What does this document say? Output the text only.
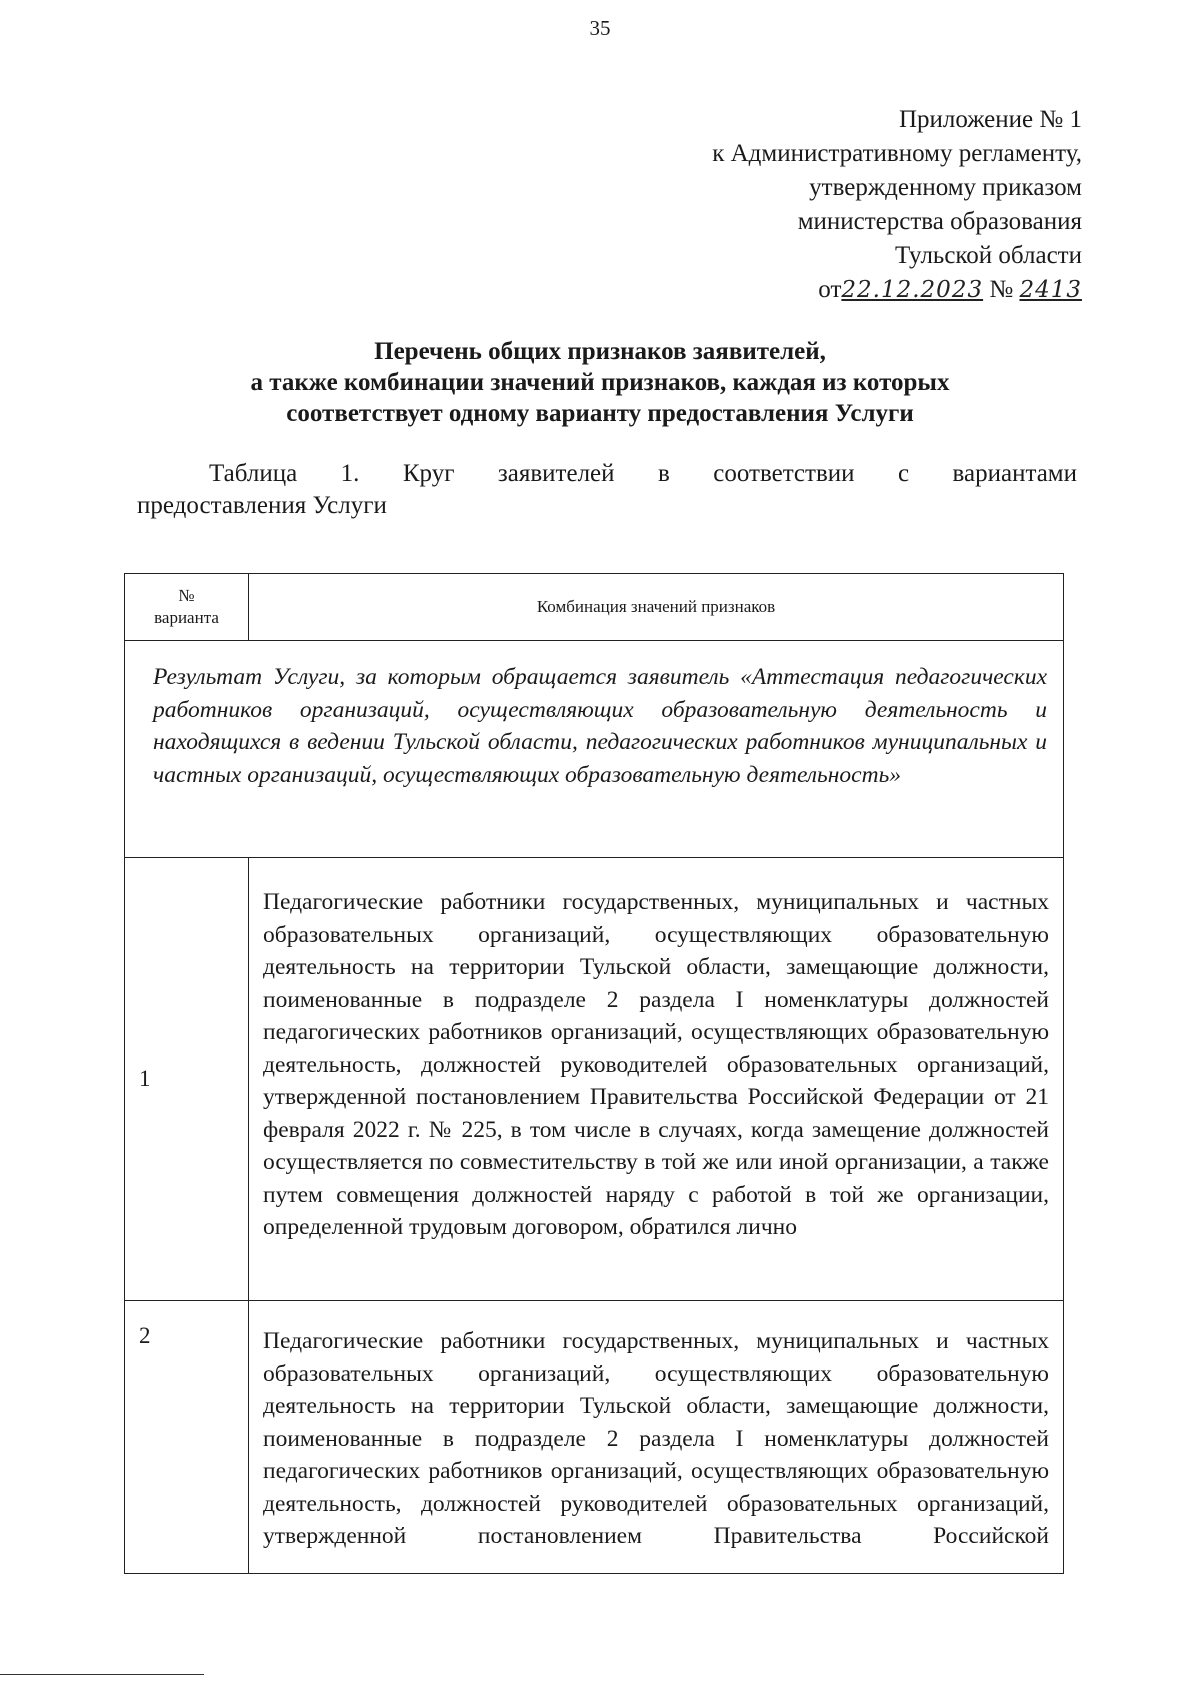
35
Приложение № 1
к Административному регламенту,
утвержденному приказом
министерства образования
Тульской области
от22.12.2023 № 2413
Перечень общих признаков заявителей,
а также комбинации значений признаков, каждая из которых
соответствует одному варианту предоставления Услуги
Таблица 1. Круг заявителей в соответствии с вариантами
предоставления Услуги
№
варианта	Комбинация значений признаков
Результат Услуги, за которым обращается заявитель «Аттестация педагогических работников организаций, осуществляющих образовательную деятельность и находящихся в ведении Тульской области, педагогических работников муниципальных и частных организаций, осуществляющих образовательную деятельность»	
1	Педагогические работники государственных, муниципальных и частных образовательных организаций, осуществляющих образовательную деятельность на территории Тульской области, замещающие должности, поименованные в подразделе 2 раздела I номенклатуры должностей педагогических работников организаций, осуществляющих образовательную деятельность, должностей руководителей образовательных организаций, утвержденной постановлением Правительства Российской Федерации от 21 февраля 2022 г. № 225, в том числе в случаях, когда замещение должностей осуществляется по совместительству в той же или иной организации, а также путем совмещения должностей наряду с работой в той же организации, определенной трудовым договором, обратился лично
2	Педагогические работники государственных, муниципальных и частных образовательных организаций, осуществляющих образовательную деятельность на территории Тульской области, замещающие должности, поименованные в подразделе 2 раздела I номенклатуры должностей педагогических работников организаций, осуществляющих образовательную деятельность, должностей руководителей образовательных организаций, утвержденной постановлением Правительства Российской
